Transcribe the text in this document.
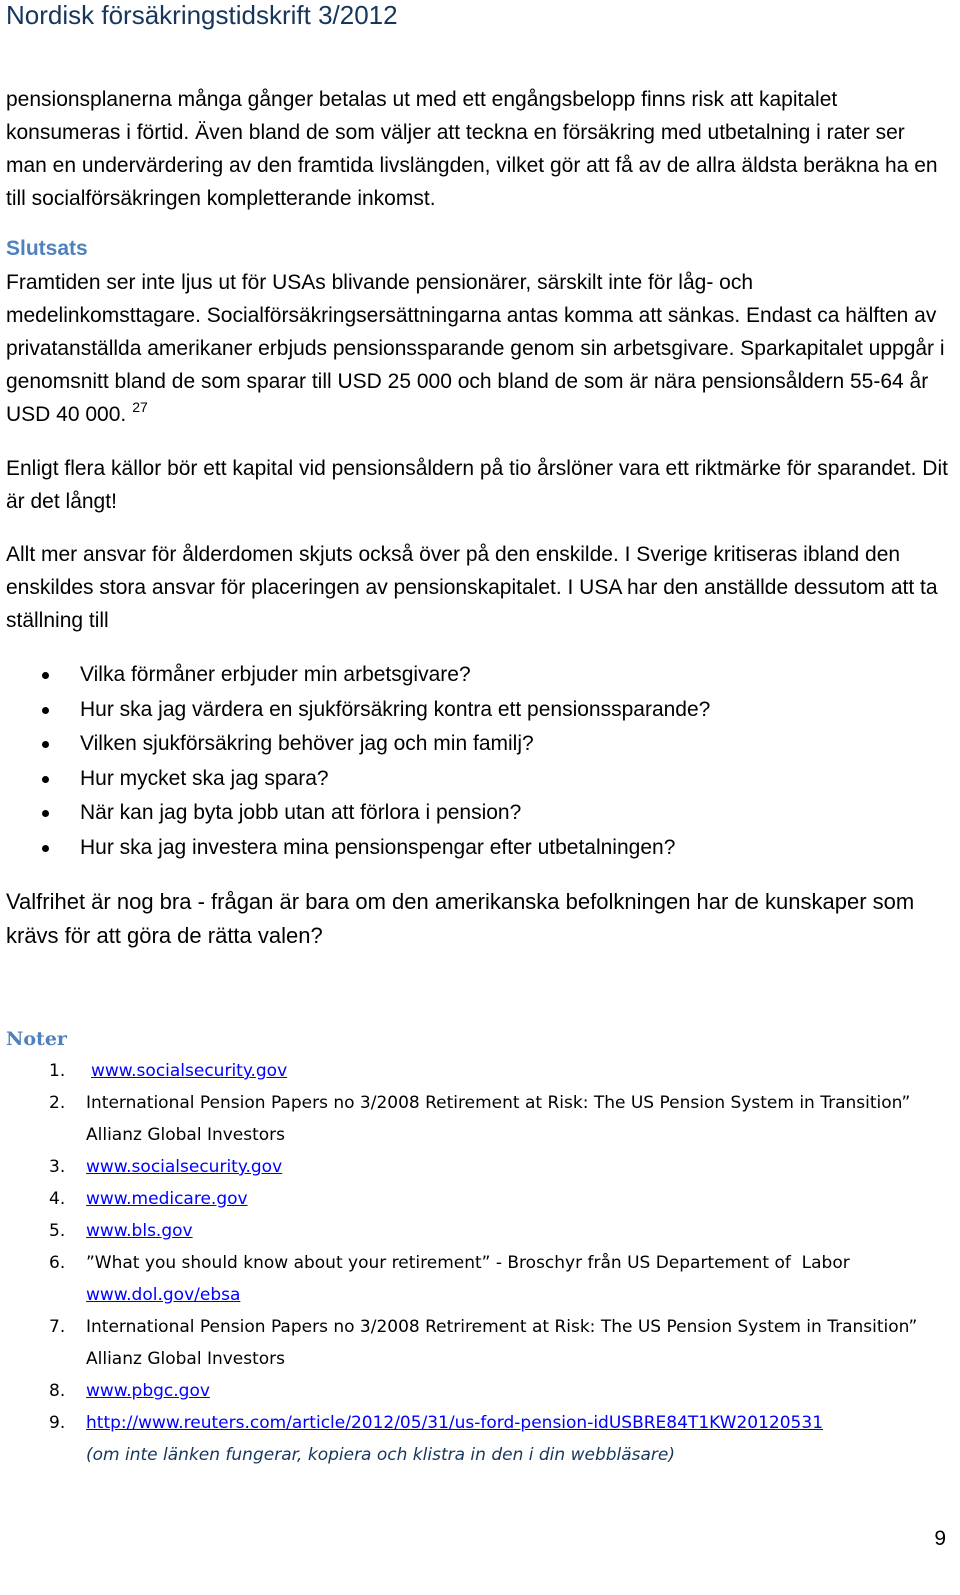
Nordisk försäkringstidskrift 3/2012

pensionsplanerna många gånger betalas ut med ett engångsbelopp finns risk att kapitalet konsumeras i förtid. Även bland de som väljer att teckna en försäkring med utbetalning i rater ser man en undervärdering av den framtida livslängden, vilket gör att få av de allra äldsta beräkna ha en till socialförsäkringen kompletterande inkomst.

Slutsats

Framtiden ser inte ljus ut för USAs blivande pensionärer, särskilt inte för låg- och medelinkomsttagare. Socialförsäkringsersättningarna antas komma att sänkas. Endast ca hälften av privatanställda amerikaner erbjuds pensionssparande genom sin arbetsgivare. Sparkapitalet uppgår i genomsnitt bland de som sparar till USD 25 000 och bland de som är nära pensionsåldern 55-64 år USD 40 000. $^{27}$

Enligt flera källor bör ett kapital vid pensionsåldern på tio årslöner vara ett riktmärke för sparandet. Dit är det långt!

Allt mer ansvar för ålderdomen skjuts också över på den enskilde. I Sverige kritiseras ibland den enskildes stora ansvar för placeringen av pensionskapitalet. I USA har den anställde dessutom att ta ställning till

Vilka förmåner erbjuder min arbetsgivare?
Hur ska jag värdera en sjukförsäkring kontra ett pensionssparande?
Vilken sjukförsäkring behöver jag och min familj?
Hur mycket ska jag spara?
När kan jag byta jobb utan att förlora i pension?
Hur ska jag investera mina pensionspengar efter utbetalningen?

Valfrihet är nog bra - frågan är bara om den amerikanska befolkningen har de kunskaper som krävs för att göra de rätta valen?

Noter
1. www.socialsecurity.gov
2. International Pension Papers no 3/2008 Retirement at Risk: The US Pension System in Transition” Allianz Global Investors
3. www.socialsecurity.gov
4. www.medicare.gov
5. www.bls.gov
6. ”What you should know about your retirement” - Broschyr från US Departement of  Labor
www.dol.gov/ebsa
7. International Pension Papers no 3/2008 Retrirement at Risk: The US Pension System in Transition” Allianz Global Investors
8. www.pbgc.gov
9. http://www.reuters.com/article/2012/05/31/us-ford-pension-idUSBRE84T1KW20120531
(om inte länken fungerar, kopiera och klistra in den i din webbläsare)
9
